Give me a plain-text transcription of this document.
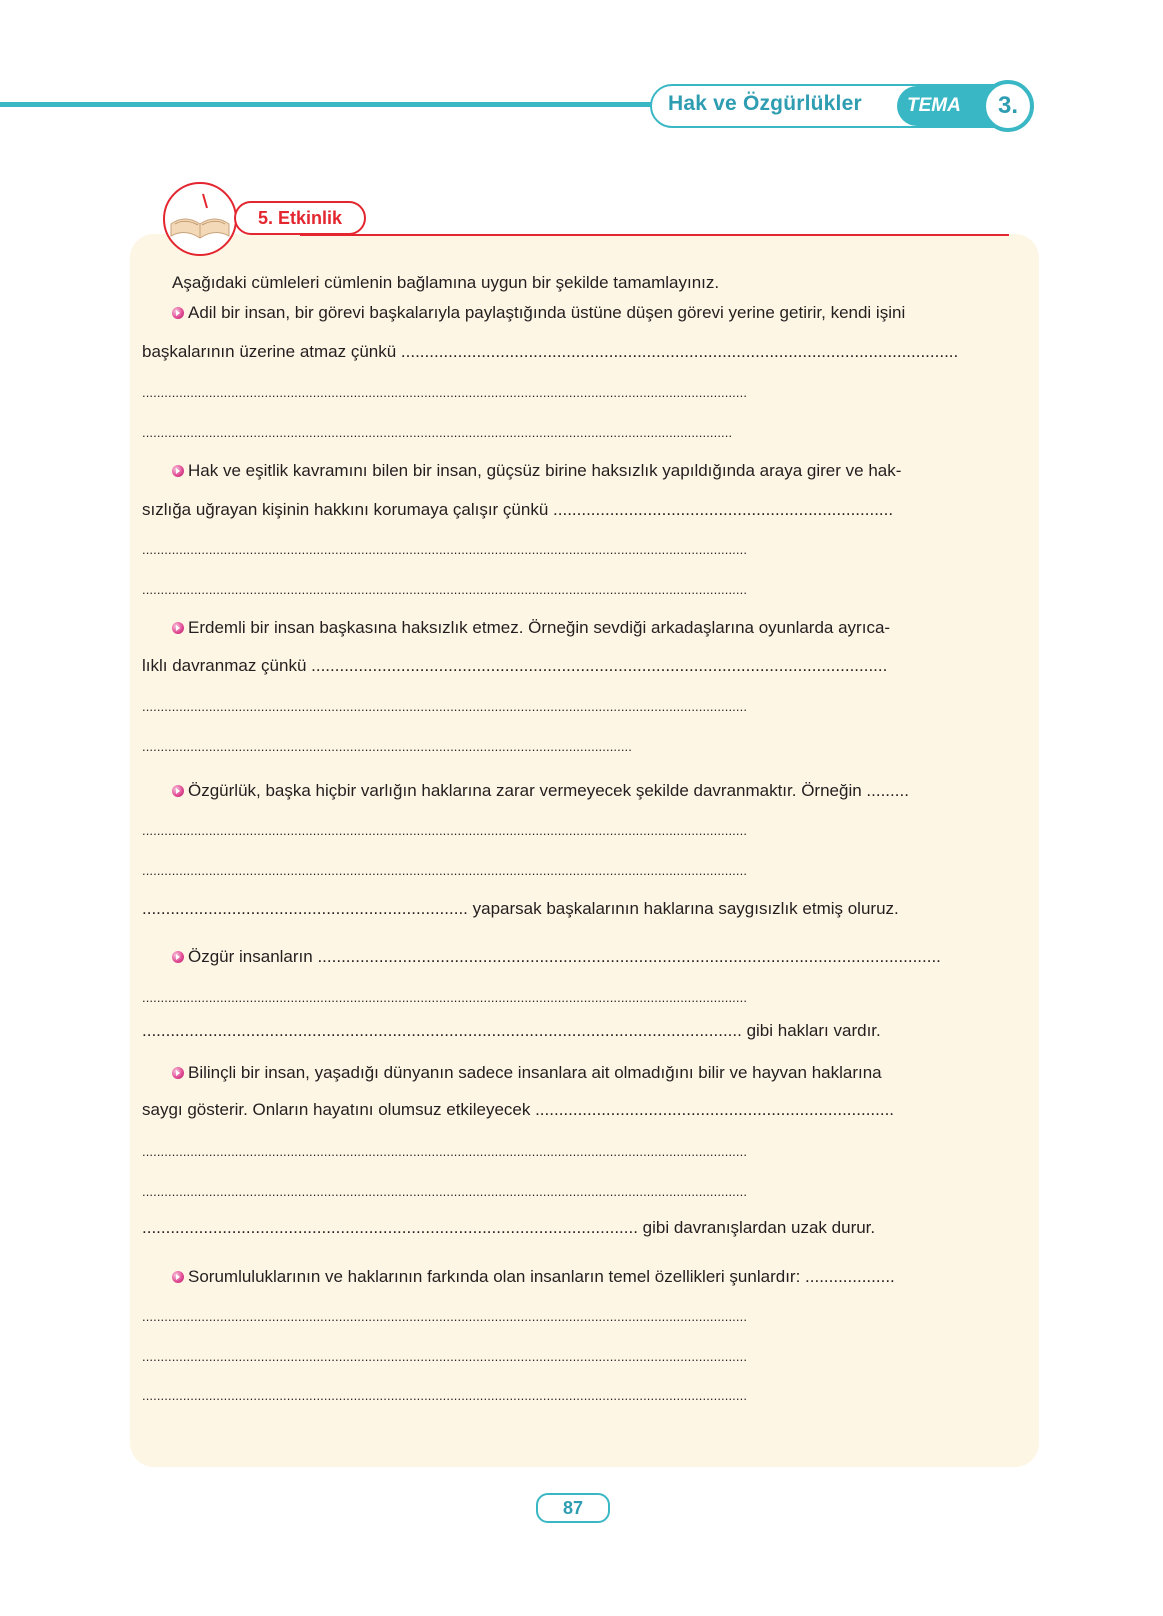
Hak ve Özgürlükler TEMA	3.
5. Etkinlik
Aşağıdaki cümleleri cümlenin bağlamına uygun bir şekilde tamamlayınız.
Adil bir insan, bir görevi başkalarıyla paylaştığında üstüne düşen görevi yerine getirir, kendi işini
başkalarının üzerine atmaz çünkü ......................................................................................................................
...................................................................................................................................................................
...............................................................................................................................................................
Hak ve eşitlik kavramını bilen bir insan, güçsüz birine haksızlık yapıldığında araya girer ve hak-
sızlığa uğrayan kişinin hakkını korumaya çalışır çünkü ........................................................................
...................................................................................................................................................................
...................................................................................................................................................................
Erdemli bir insan başkasına haksızlık etmez. Örneğin sevdiği arkadaşlarına oyunlarda ayrıca-
lıklı davranmaz çünkü ..........................................................................................................................
...................................................................................................................................................................
....................................................................................................................................
Özgürlük, başka hiçbir varlığın haklarına zarar vermeyecek şekilde davranmaktır. Örneğin .........
...................................................................................................................................................................
...................................................................................................................................................................
..................................................................... yaparsak başkalarının haklarına saygısızlık etmiş oluruz.
Özgür insanların ....................................................................................................................................
...................................................................................................................................................................
............................................................................................................................... gibi hakları vardır.
Bilinçli bir insan, yaşadığı dünyanın sadece insanlara ait olmadığını bilir ve hayvan haklarına
saygı gösterir. Onların hayatını olumsuz etkileyecek ............................................................................
...................................................................................................................................................................
...................................................................................................................................................................
......................................................................................................... gibi davranışlardan uzak durur.
Sorumluluklarının ve haklarının farkında olan insanların temel özellikleri şunlardır: ...................
...................................................................................................................................................................
...................................................................................................................................................................
...................................................................................................................................................................
87
